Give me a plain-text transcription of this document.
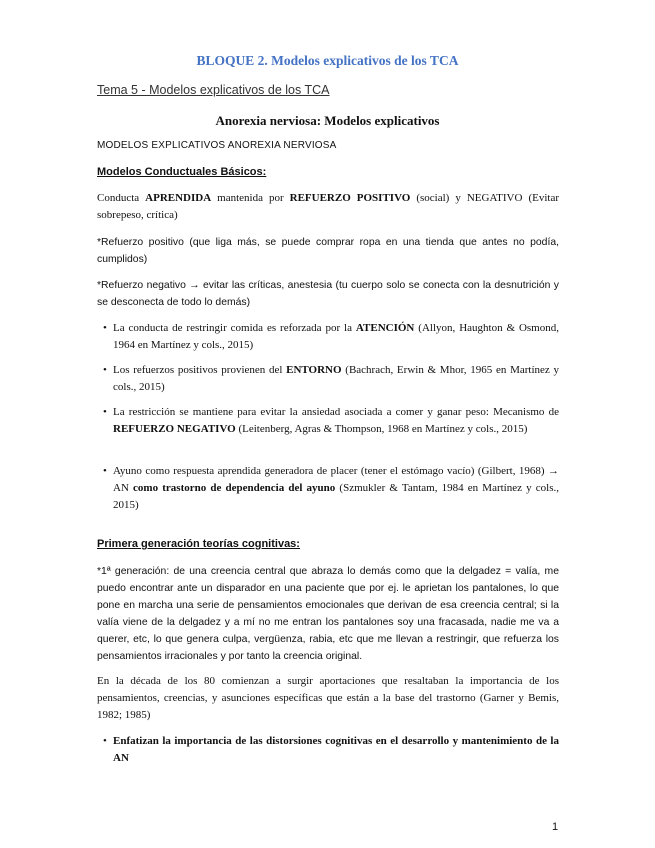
BLOQUE 2. Modelos explicativos de los TCA
Tema 5 - Modelos explicativos de los TCA
Anorexia nerviosa: Modelos explicativos
MODELOS EXPLICATIVOS ANOREXIA NERVIOSA
Modelos Conductuales Básicos:
Conducta APRENDIDA mantenida por REFUERZO POSITIVO (social) y NEGATIVO (Evitar sobrepeso, crítica)
*Refuerzo positivo (que liga más, se puede comprar ropa en una tienda que antes no podía, cumplidos)
*Refuerzo negativo → evitar las críticas, anestesia (tu cuerpo solo se conecta con la desnutrición y se desconecta de todo lo demás)
• La conducta de restringir comida es reforzada por la ATENCIÓN (Allyon, Haughton & Osmond, 1964 en Martínez y cols., 2015)
• Los refuerzos positivos provienen del ENTORNO (Bachrach, Erwin & Mhor, 1965 en Martínez y cols., 2015)
• La restricción se mantiene para evitar la ansiedad asociada a comer y ganar peso: Mecanismo de REFUERZO NEGATIVO (Leitenberg, Agras & Thompson, 1968 en Martínez y cols., 2015)
• Ayuno como respuesta aprendida generadora de placer (tener el estómago vacío) (Gilbert, 1968) → AN como trastorno de dependencia del ayuno (Szmukler & Tantam, 1984 en Martínez y cols., 2015)
Primera generación teorías cognitivas:
*1ª generación: de una creencia central que abraza lo demás como que la delgadez = valía, me puedo encontrar ante un disparador en una paciente que por ej. le aprietan los pantalones, lo que pone en marcha una serie de pensamientos emocionales que derivan de esa creencia central; si la valía viene de la delgadez y a mí no me entran los pantalones soy una fracasada, nadie me va a querer, etc, lo que genera culpa, vergüenza, rabia, etc que me llevan a restringir, que refuerza los pensamientos irracionales y por tanto la creencia original.
En la década de los 80 comienzan a surgir aportaciones que resaltaban la importancia de los pensamientos, creencias, y asunciones específicas que están a la base del trastorno (Garner y Bemis, 1982; 1985)
• Enfatizan la importancia de las distorsiones cognitivas en el desarrollo y mantenimiento de la AN
1
